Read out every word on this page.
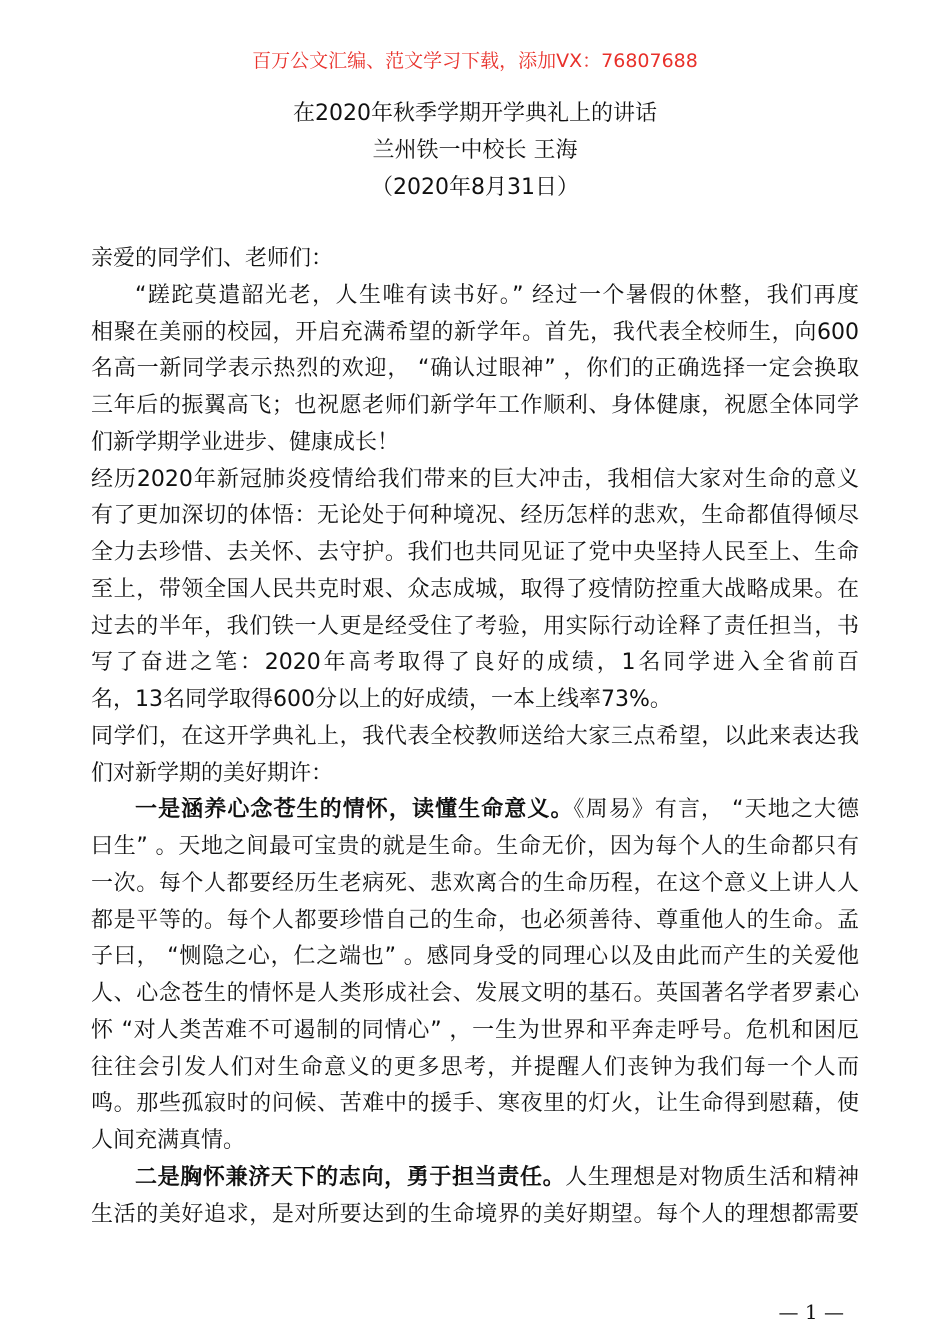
百万公文汇编、范文学习下载，添加VX：76807688
在2020年秋季学期开学典礼上的讲话
兰州铁一中校长 王海
（2020年8月31日）
亲爱的同学们、老师们：
“蹉跎莫遣韶光老，人生唯有读书好。” 经过一个暑假的休整，我们再度
相聚在美丽的校园，开启充满希望的新学年。首先，我代表全校师生，向600
名高一新同学表示热烈的欢迎， “确认过眼神” ，你们的正确选择一定会换取
三年后的振翼高飞；也祝愿老师们新学年工作顺利、身体健康，祝愿全体同学
们新学期学业进步、健康成长！
经历2020年新冠肺炎疫情给我们带来的巨大冲击，我相信大家对生命的意义
有了更加深切的体悟：无论处于何种境况、经历怎样的悲欢，生命都值得倾尽
全力去珍惜、去关怀、去守护。我们也共同见证了党中央坚持人民至上、生命
至上，带领全国人民共克时艰、众志成城，取得了疫情防控重大战略成果。在
过去的半年，我们铁一人更是经受住了考验，用实际行动诠释了责任担当，书
写了奋进之笔：2020年高考取得了良好的成绩，1名同学进入全省前百
名，13名同学取得600分以上的好成绩，一本上线率73%。
同学们，在这开学典礼上，我代表全校教师送给大家三点希望，以此来表达我
们对新学期的美好期许：
一是涵养心念苍生的情怀，读懂生命意义。《周易》有言， “天地之大德
曰生” 。天地之间最可宝贵的就是生命。生命无价，因为每个人的生命都只有
一次。每个人都要经历生老病死、悲欢离合的生命历程，在这个意义上讲人人
都是平等的。每个人都要珍惜自己的生命，也必须善待、尊重他人的生命。孟
子曰， “恻隐之心，仁之端也” 。感同身受的同理心以及由此而产生的关爱他
人、心念苍生的情怀是人类形成社会、发展文明的基石。英国著名学者罗素心
怀 “对人类苦难不可遏制的同情心” ，一生为世界和平奔走呼号。危机和困厄
往往会引发人们对生命意义的更多思考，并提醒人们丧钟为我们每一个人而
鸣。那些孤寂时的问候、苦难中的援手、寒夜里的灯火，让生命得到慰藉，使
人间充满真情。
二是胸怀兼济天下的志向，勇于担当责任。人生理想是对物质生活和精神
生活的美好追求，是对所要达到的生命境界的美好期望。每个人的理想都需要
— 1 —
